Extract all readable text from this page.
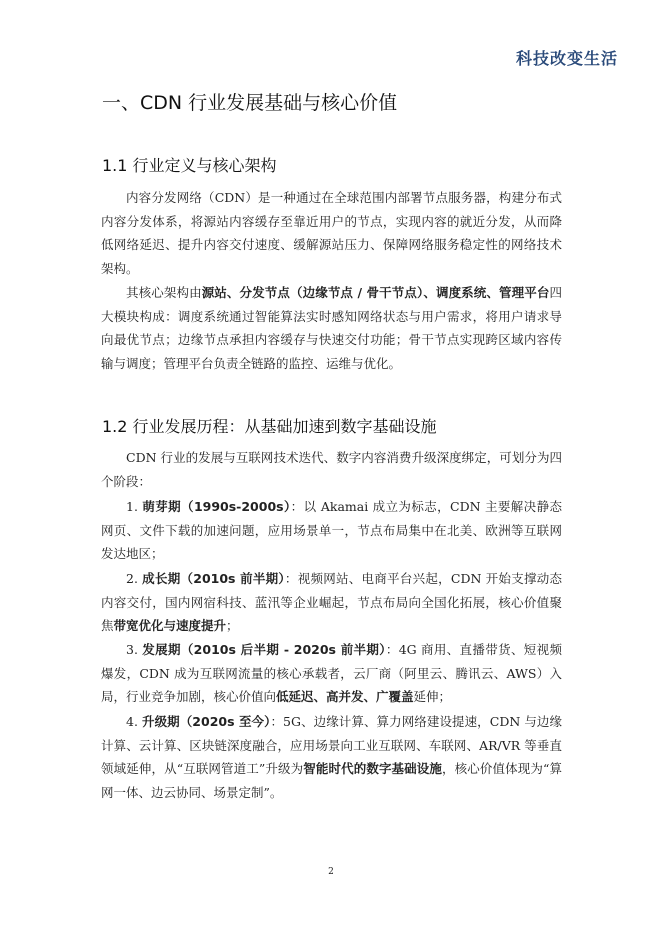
科技改变生活
一、CDN 行业发展基础与核心价值
1.1 行业定义与核心架构

内容分发网络（CDN）是一种通过在全球范围内部署节点服务器，构建分布式内容分发体系，将源站内容缓存至靠近用户的节点，实现内容的就近分发，从而降低网络延迟、提升内容交付速度、缓解源站压力、保障网络服务稳定性的网络技术架构。

其核心架构由源站、分发节点（边缘节点 / 骨干节点）、调度系统、管理平台四大模块构成：调度系统通过智能算法实时感知网络状态与用户需求，将用户请求导向最优节点；边缘节点承担内容缓存与快速交付功能；骨干节点实现跨区域内容传输与调度；管理平台负责全链路的监控、运维与优化。

1.2 行业发展历程：从基础加速到数字基础设施

CDN 行业的发展与互联网技术迭代、数字内容消费升级深度绑定，可划分为四个阶段：

1. 萌芽期（1990s-2000s）：以 Akamai 成立为标志，CDN 主要解决静态网页、文件下载的加速问题，应用场景单一，节点布局集中在北美、欧洲等互联网发达地区；

2. 成长期（2010s 前半期）：视频网站、电商平台兴起，CDN 开始支撑动态内容交付，国内网宿科技、蓝汛等企业崛起，节点布局向全国化拓展，核心价值聚焦带宽优化与速度提升；

3. 发展期（2010s 后半期 - 2020s 前半期）：4G 商用、直播带货、短视频爆发，CDN 成为互联网流量的核心承载者，云厂商（阿里云、腾讯云、AWS）入局，行业竞争加剧，核心价值向低延迟、高并发、广覆盖延伸；

4. 升级期（2020s 至今）：5G、边缘计算、算力网络建设提速，CDN 与边缘计算、云计算、区块链深度融合，应用场景向工业互联网、车联网、AR/VR 等垂直领域延伸，从“互联网管道工”升级为智能时代的数字基础设施，核心价值体现为“算网一体、边云协同、场景定制”。

2
